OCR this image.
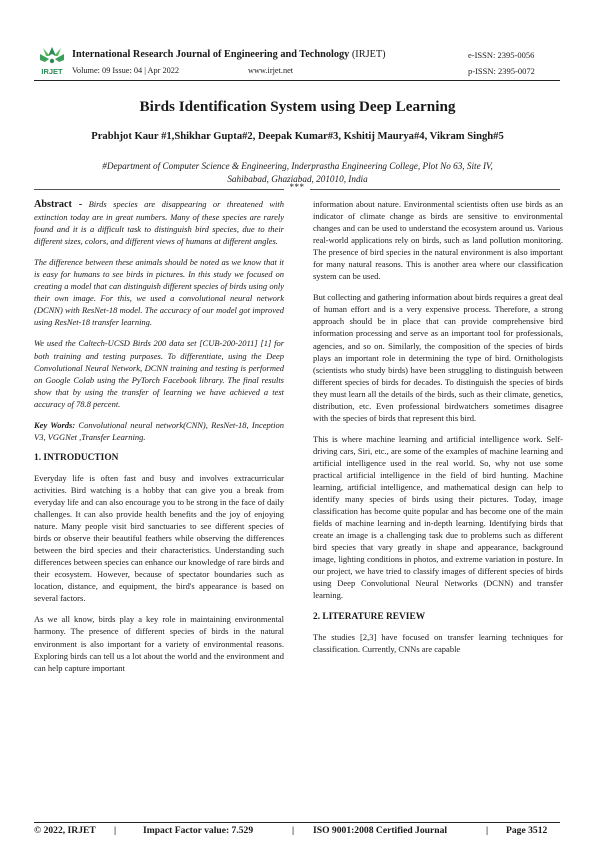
IRJET
International Research Journal of Engineering and Technology (IRJET)	e-ISSN: 2395-0056
Volume: 09 Issue: 04 | Apr 2022	www.irjet.net	p-ISSN: 2395-0072
Birds Identification System using Deep Learning
Prabhjot Kaur #1,Shikhar Gupta#2, Deepak Kumar#3, Kshitij Maurya#4, Vikram Singh#5
#Department of Computer Science & Engineering, Inderprastha Engineering College, Plot No 63, Site IV,
Sahibabad, Ghaziabad, 201010, India
***

Abstract - Birds species are disappearing or threatened with extinction today are in great numbers. Many of these species are rarely found and it is a difficult task to distinguish bird species, due to their different sizes, colors, and different views of humans at different angles.

The difference between these animals should be noted as we know that it is easy for humans to see birds in pictures. In this study we focused on creating a model that can distinguish different species of birds using only their own image. For this, we used a convolutional neural network (DCNN) with ResNet-18 model. The accuracy of our model got improved using ResNet-18 transfer learning.

We used the Caltech-UCSD Birds 200 data set [CUB-200-2011] [1] for both training and testing purposes. To differentiate, using the Deep Convolutional Neural Network, DCNN training and testing is performed on Google Colab using the PyTorch Facebook library. The final results show that by using the transfer of learning we have achieved a test accuracy of 78.8 percent.

Key Words: Convolutional neural network(CNN), ResNet-18, Inception V3, VGGNet ,Transfer Learning.

1. INTRODUCTION

Everyday life is often fast and busy and involves extracurricular activities. Bird watching is a hobby that can give you a break from everyday life and can also encourage you to be strong in the face of daily challenges. It can also provide health benefits and the joy of enjoying nature. Many people visit bird sanctuaries to see different species of birds or observe their beautiful feathers while observing the differences between the bird species and their characteristics. Understanding such differences between species can enhance our knowledge of rare birds and their ecosystem. However, because of spectator boundaries such as location, distance, and equipment, the bird's appearance is based on several factors.

As we all know, birds play a key role in maintaining environmental harmony. The presence of different species of birds in the natural environment is also important for a variety of environmental reasons. Exploring birds can tell us a lot about the world and the environment and can help capture important

information about nature. Environmental scientists often use birds as an indicator of climate change as birds are sensitive to environmental changes and can be used to understand the ecosystem around us. Various real-world applications rely on birds, such as land pollution monitoring. The presence of bird species in the natural environment is also important for many natural reasons. This is another area where our classification system can be used.

But collecting and gathering information about birds requires a great deal of human effort and is a very expensive process. Therefore, a strong approach should be in place that can provide comprehensive bird information processing and serve as an important tool for professionals, agencies, and so on. Similarly, the composition of the species of birds plays an important role in determining the type of bird. Ornithologists (scientists who study birds) have been struggling to distinguish between different species of birds for decades. To distinguish the species of birds they must learn all the details of the birds, such as their climate, genetics, distribution, etc. Even professional birdwatchers sometimes disagree with the species of birds that represent this bird.

This is where machine learning and artificial intelligence work. Self-driving cars, Siri, etc., are some of the examples of machine learning and artificial intelligence used in the real world. So, why not use some practical artificial intelligence in the field of bird hunting. Machine learning, artificial intelligence, and mathematical design can help to identify many species of birds using their pictures. Today, image classification has become quite popular and has become one of the main fields of machine learning and in-depth learning. Identifying birds that create an image is a challenging task due to problems such as different bird species that vary greatly in shape and appearance, background image, lighting conditions in photos, and extreme variation in posture. In our project, we have tried to classify images of different species of birds using Deep Convolutional Neural Networks (DCNN) and transfer learning.

2. LITERATURE REVIEW

The studies [2,3] have focused on transfer learning techniques for classification. Currently, CNNs are capable

© 2022, IRJET |	Impact Factor value: 7.529	| ISO 9001:2008 Certified Journal	| Page 3512
